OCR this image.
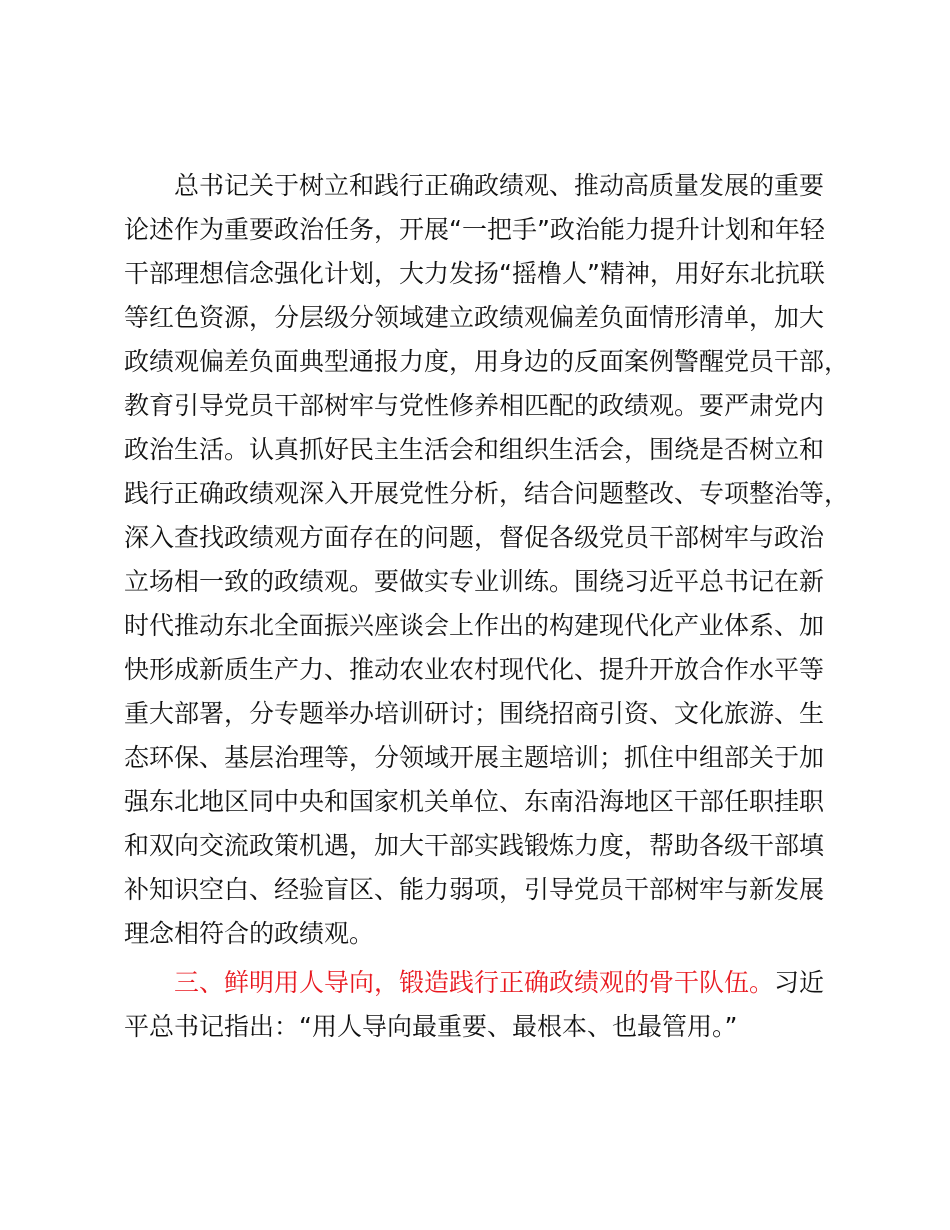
总书记关于树立和践行正确政绩观、推动高质量发展的重要
论述作为重要政治任务，开展“一把手”政治能力提升计划和年轻
干部理想信念强化计划，大力发扬“摇橹人”精神，用好东北抗联
等红色资源，分层级分领域建立政绩观偏差负面情形清单，加大
政绩观偏差负面典型通报力度，用身边的反面案例警醒党员干部，
教育引导党员干部树牢与党性修养相匹配的政绩观。要严肃党内
政治生活。认真抓好民主生活会和组织生活会，围绕是否树立和
践行正确政绩观深入开展党性分析，结合问题整改、专项整治等，
深入查找政绩观方面存在的问题，督促各级党员干部树牢与政治
立场相一致的政绩观。要做实专业训练。围绕习近平总书记在新
时代推动东北全面振兴座谈会上作出的构建现代化产业体系、加
快形成新质生产力、推动农业农村现代化、提升开放合作水平等
重大部署，分专题举办培训研讨；围绕招商引资、文化旅游、生
态环保、基层治理等，分领域开展主题培训；抓住中组部关于加
强东北地区同中央和国家机关单位、东南沿海地区干部任职挂职
和双向交流政策机遇，加大干部实践锻炼力度，帮助各级干部填
补知识空白、经验盲区、能力弱项，引导党员干部树牢与新发展
理念相符合的政绩观。
三、鲜明用人导向，锻造践行正确政绩观的骨干队伍。习近
平总书记指出：“用人导向最重要、最根本、也最管用。”
